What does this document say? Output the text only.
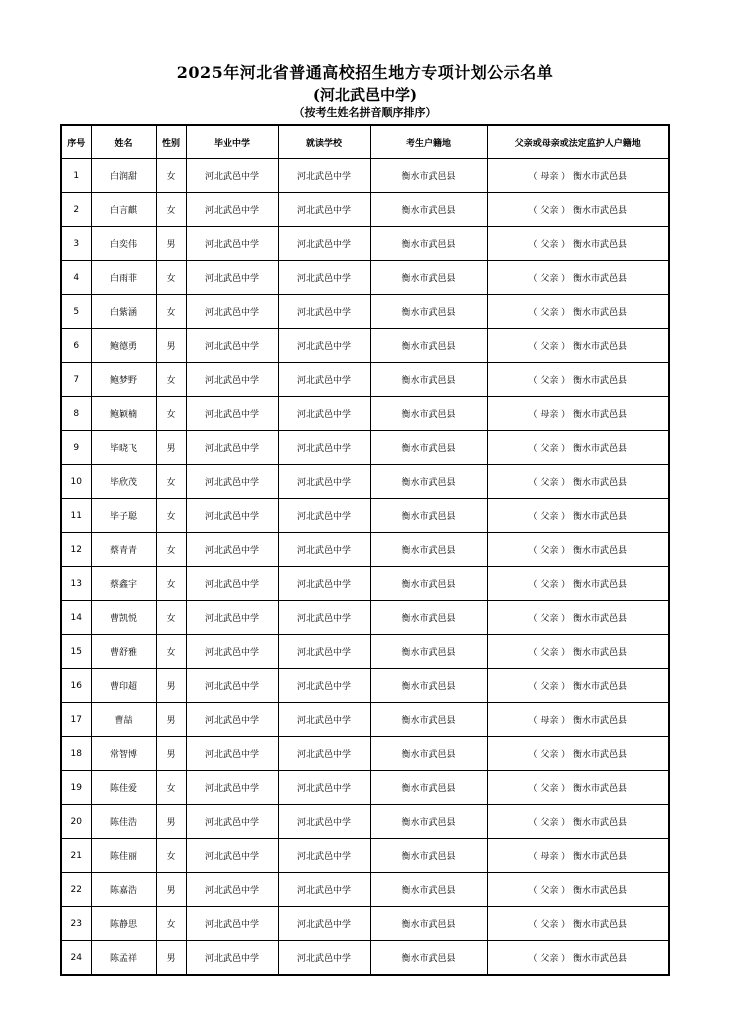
2025年河北省普通高校招生地方专项计划公示名单
(河北武邑中学)
（按考生姓名拼音顺序排序）
序号	姓名	性别	毕业中学	就读学校	考生户籍地	父亲或母亲或法定监护人户籍地
1	白润甜	女	河北武邑中学	河北武邑中学	衡水市武邑县	（ 母亲 ） 衡水市武邑县
2	白言麒	女	河北武邑中学	河北武邑中学	衡水市武邑县	（ 父亲 ） 衡水市武邑县
3	白奕伟	男	河北武邑中学	河北武邑中学	衡水市武邑县	（ 父亲 ） 衡水市武邑县
4	白雨菲	女	河北武邑中学	河北武邑中学	衡水市武邑县	（ 父亲 ） 衡水市武邑县
5	白紫涵	女	河北武邑中学	河北武邑中学	衡水市武邑县	（ 父亲 ） 衡水市武邑县
6	鲍德勇	男	河北武邑中学	河北武邑中学	衡水市武邑县	（ 父亲 ） 衡水市武邑县
7	鲍梦野	女	河北武邑中学	河北武邑中学	衡水市武邑县	（ 父亲 ） 衡水市武邑县
8	鲍颖楠	女	河北武邑中学	河北武邑中学	衡水市武邑县	（ 母亲 ） 衡水市武邑县
9	毕晓飞	男	河北武邑中学	河北武邑中学	衡水市武邑县	（ 父亲 ） 衡水市武邑县
10	毕欣茂	女	河北武邑中学	河北武邑中学	衡水市武邑县	（ 父亲 ） 衡水市武邑县
11	毕子聪	女	河北武邑中学	河北武邑中学	衡水市武邑县	（ 父亲 ） 衡水市武邑县
12	蔡青青	女	河北武邑中学	河北武邑中学	衡水市武邑县	（ 父亲 ） 衡水市武邑县
13	蔡鑫宇	女	河北武邑中学	河北武邑中学	衡水市武邑县	（ 父亲 ） 衡水市武邑县
14	曹凯悦	女	河北武邑中学	河北武邑中学	衡水市武邑县	（ 父亲 ） 衡水市武邑县
15	曹舒雅	女	河北武邑中学	河北武邑中学	衡水市武邑县	（ 父亲 ） 衡水市武邑县
16	曹印超	男	河北武邑中学	河北武邑中学	衡水市武邑县	（ 父亲 ） 衡水市武邑县
17	曹喆	男	河北武邑中学	河北武邑中学	衡水市武邑县	（ 母亲 ） 衡水市武邑县
18	常智博	男	河北武邑中学	河北武邑中学	衡水市武邑县	（ 父亲 ） 衡水市武邑县
19	陈佳爱	女	河北武邑中学	河北武邑中学	衡水市武邑县	（ 父亲 ） 衡水市武邑县
20	陈佳浩	男	河北武邑中学	河北武邑中学	衡水市武邑县	（ 父亲 ） 衡水市武邑县
21	陈佳丽	女	河北武邑中学	河北武邑中学	衡水市武邑县	（ 母亲 ） 衡水市武邑县
22	陈嘉浩	男	河北武邑中学	河北武邑中学	衡水市武邑县	（ 父亲 ） 衡水市武邑县
23	陈静思	女	河北武邑中学	河北武邑中学	衡水市武邑县	（ 父亲 ） 衡水市武邑县
24	陈孟祥	男	河北武邑中学	河北武邑中学	衡水市武邑县	（ 父亲 ） 衡水市武邑县
